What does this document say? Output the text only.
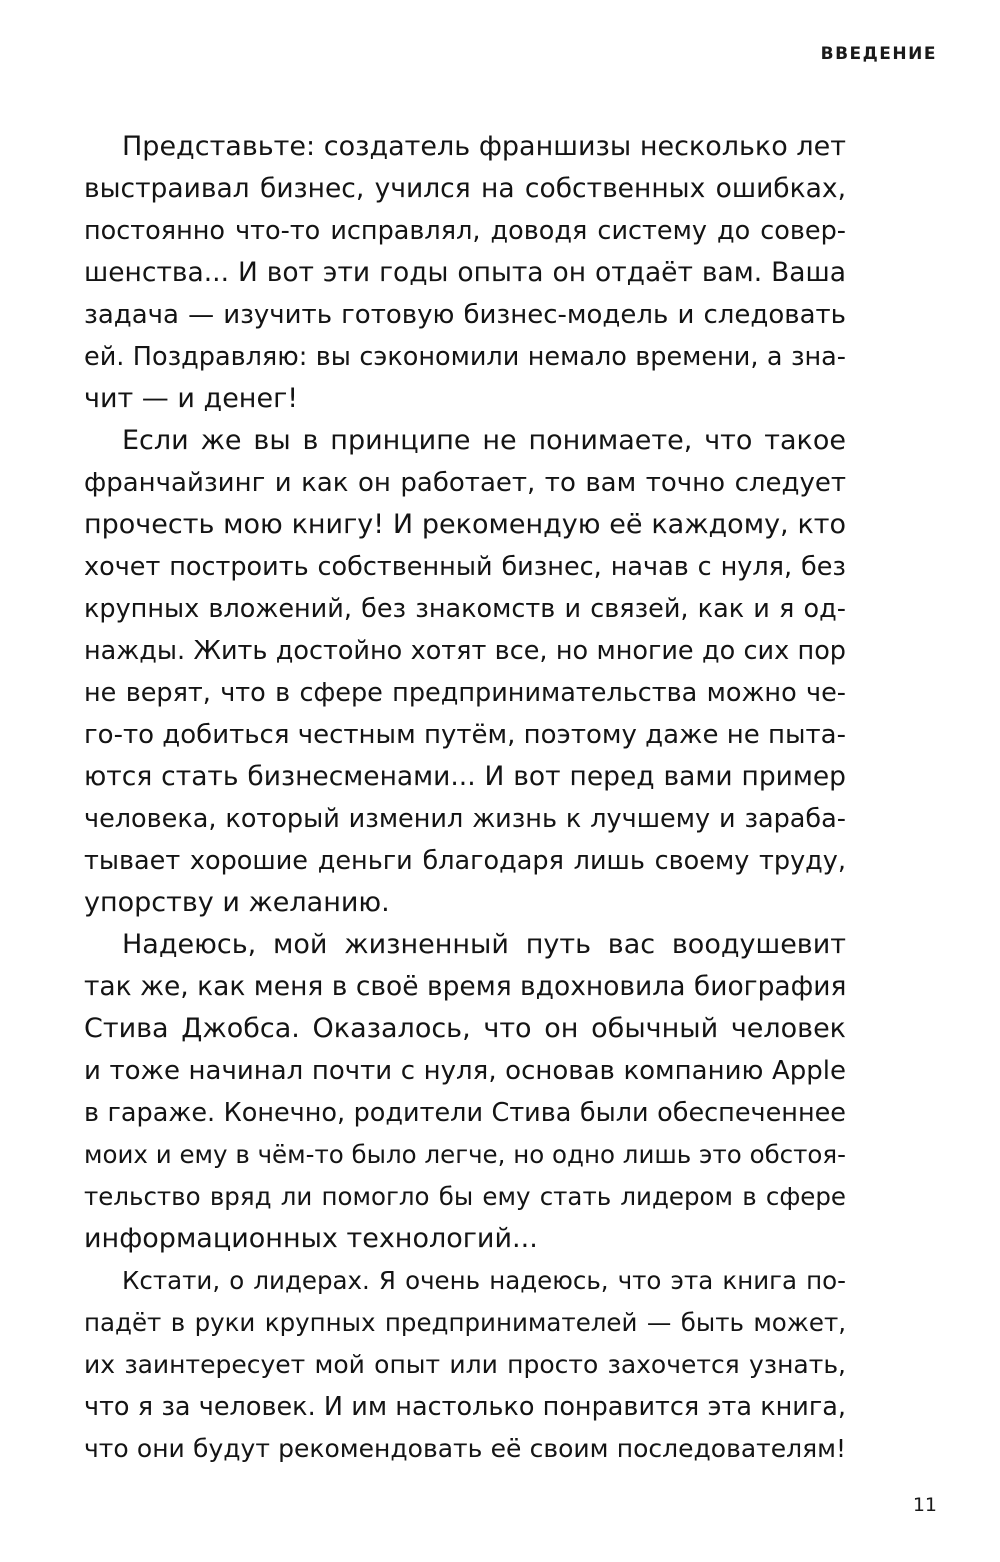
ВВЕДЕНИЕ

Представьте: создатель франшизы несколько лет
выстраивал бизнес, учился на собственных ошибках,
постоянно что-то исправлял, доводя систему до совер-
шенства... И вот эти годы опыта он отдаёт вам. Ваша
задача — изучить готовую бизнес-модель и следовать
ей. Поздравляю: вы сэкономили немало времени, а зна-
чит — и денег!

Если же вы в принципе не понимаете, что такое
франчайзинг и как он работает, то вам точно следует
прочесть мою книгу! И рекомендую её каждому, кто
хочет построить собственный бизнес, начав с нуля, без
крупных вложений, без знакомств и связей, как и я од-
нажды. Жить достойно хотят все, но многие до сих пор
не верят, что в сфере предпринимательства можно че-
го-то добиться честным путём, поэтому даже не пыта-
ются стать бизнесменами... И вот перед вами пример
человека, который изменил жизнь к лучшему и зараба-
тывает хорошие деньги благодаря лишь своему труду,
упорству и желанию.

Надеюсь, мой жизненный путь вас воодушевит
так же, как меня в своё время вдохновила биография
Стива Джобса. Оказалось, что он обычный человек
и тоже начинал почти с нуля, основав компанию Apple
в гараже. Конечно, родители Стива были обеспеченнее
моих и ему в чём-то было легче, но одно лишь это обстоя-
тельство вряд ли помогло бы ему стать лидером в сфере
информационных технологий...

Кстати, о лидерах. Я очень надеюсь, что эта книга по-
падёт в руки крупных предпринимателей — быть может,
их заинтересует мой опыт или просто захочется узнать,
что я за человек. И им настолько понравится эта книга,
что они будут рекомендовать её своим последователям!

11
